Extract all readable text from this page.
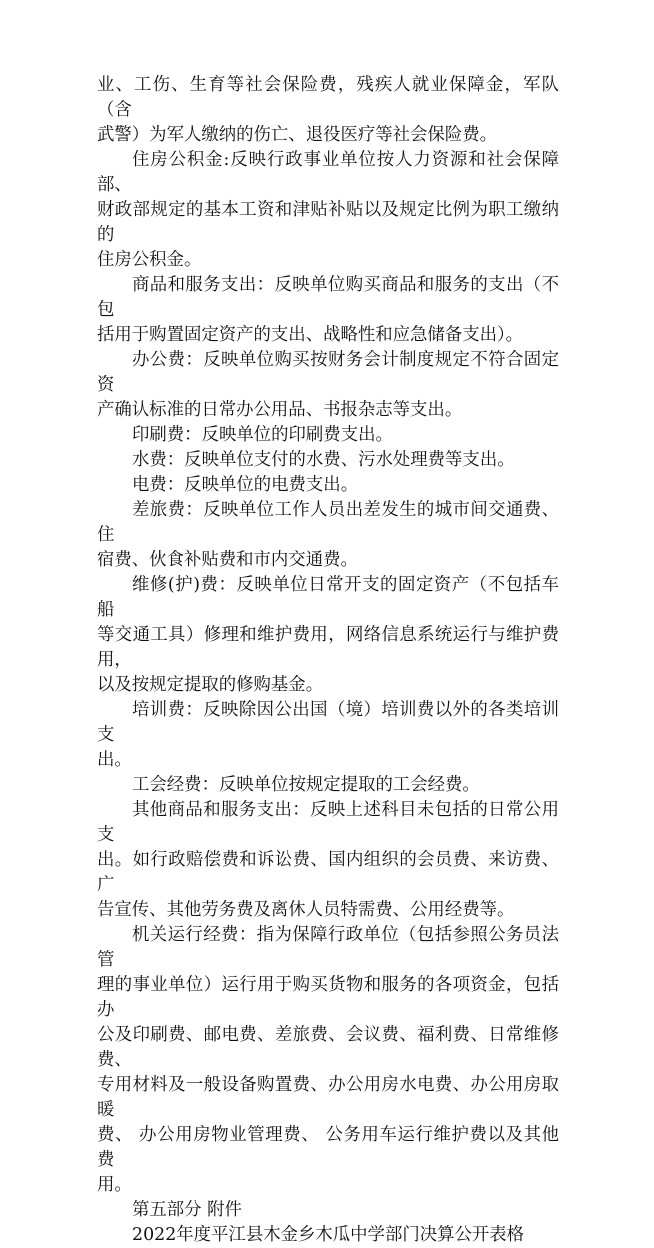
业、工伤、生育等社会保险费，残疾人就业保障金，军队（含
武警）为军人缴纳的伤亡、退役医疗等社会保险费。

住房公积金:反映行政事业单位按人力资源和社会保障部、
财政部规定的基本工资和津贴补贴以及规定比例为职工缴纳的
住房公积金。

商品和服务支出：反映单位购买商品和服务的支出（不包
括用于购置固定资产的支出、战略性和应急储备支出）。

办公费：反映单位购买按财务会计制度规定不符合固定资
产确认标准的日常办公用品、书报杂志等支出。

印刷费：反映单位的印刷费支出。

水费：反映单位支付的水费、污水处理费等支出。

电费：反映单位的电费支出。

差旅费：反映单位工作人员出差发生的城市间交通费、住
宿费、伙食补贴费和市内交通费。

维修(护)费：反映单位日常开支的固定资产（不包括车船
等交通工具）修理和维护费用，网络信息系统运行与维护费用，
以及按规定提取的修购基金。

培训费：反映除因公出国（境）培训费以外的各类培训支
出。

工会经费：反映单位按规定提取的工会经费。

其他商品和服务支出：反映上述科目未包括的日常公用支
出。如行政赔偿费和诉讼费、国内组织的会员费、来访费、广
告宣传、其他劳务费及离休人员特需费、公用经费等。

机关运行经费：指为保障行政单位（包括参照公务员法管
理的事业单位）运行用于购买货物和服务的各项资金，包括办
公及印刷费、邮电费、差旅费、会议费、福利费、日常维修费、
专用材料及一般设备购置费、办公用房水电费、办公用房取暖
费、 办公用房物业管理费、 公务用车运行维护费以及其他费
用。

第五部分 附件

2022年度平江县木金乡木瓜中学部门决算公开表格
